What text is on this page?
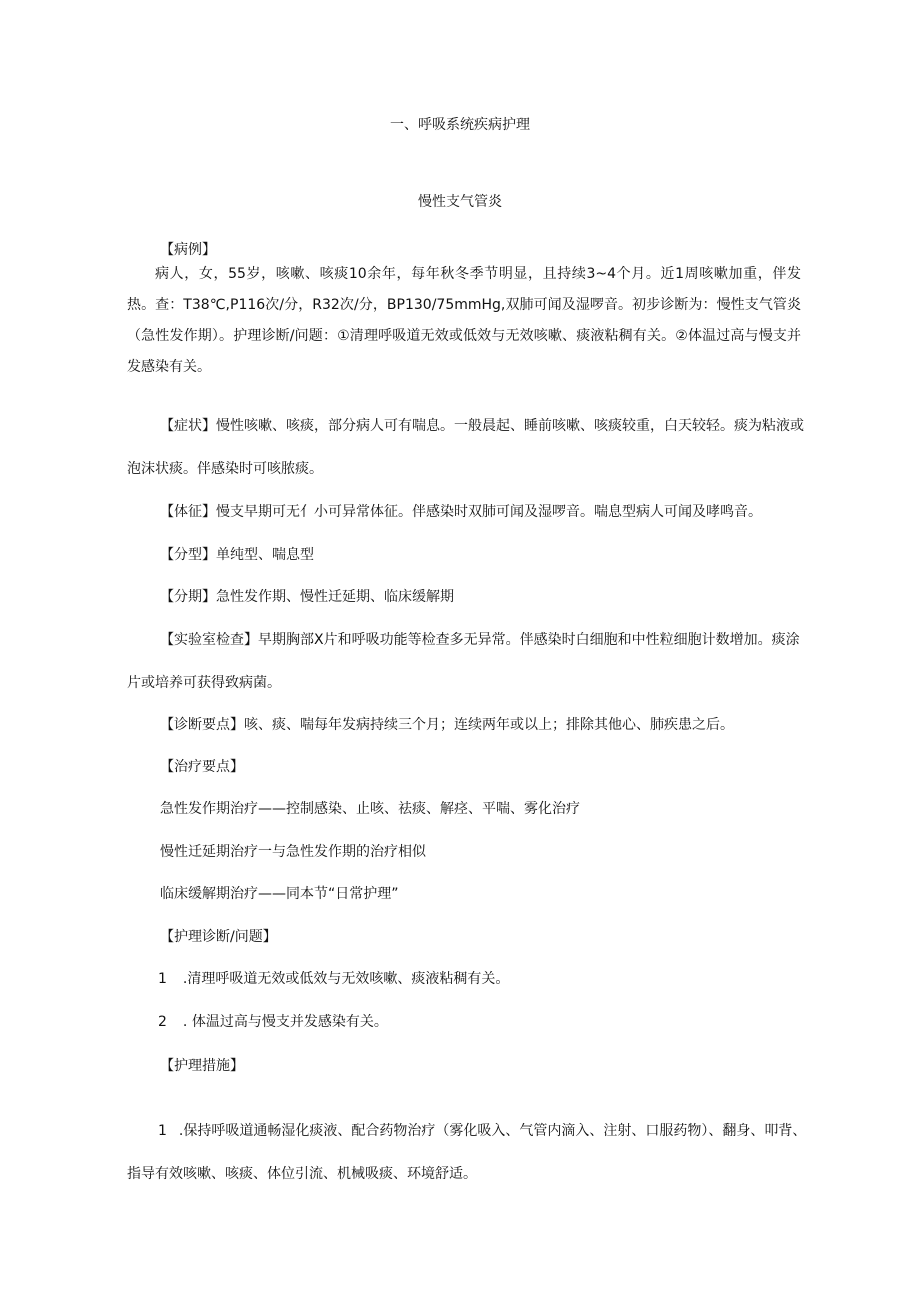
一、呼吸系统疾病护理
慢性支气管炎
【病例】
病人，女，55岁，咳嗽、咳痰10余年，每年秋冬季节明显，且持续3~4个月。近1周咳嗽加重，伴发热。查：T38℃,P116次/分，R32次/分，BP130/75mmHg,双肺可闻及湿啰音。初步诊断为：慢性支气管炎（急性发作期）。护理诊断/问题：①清理呼吸道无效或低效与无效咳嗽、痰液粘稠有关。②体温过高与慢支并发感染有关。
【症状】慢性咳嗽、咳痰，部分病人可有喘息。一般晨起、睡前咳嗽、咳痰较重，白天较轻。痰为粘液或
泡沫状痰。伴感染时可咳脓痰。
【体征】慢支早期可无亻小可异常体征。伴感染时双肺可闻及湿啰音。喘息型病人可闻及哮鸣音。
【分型】单纯型、喘息型
【分期】急性发作期、慢性迁延期、临床缓解期
【实验室检查】早期胸部X片和呼吸功能等检查多无异常。伴感染时白细胞和中性粒细胞计数增加。痰涂
片或培养可获得致病菌。
【诊断要点】咳、痰、喘每年发病持续三个月；连续两年或以上；排除其他心、肺疾患之后。
【治疗要点】
急性发作期治疗——控制感染、止咳、祛痰、解痉、平喘、雾化治疗
慢性迁延期治疗一与急性发作期的治疗相似
临床缓解期治疗——同本节“日常护理”
【护理诊断/问题】
1 .清理呼吸道无效或低效与无效咳嗽、痰液粘稠有关。
2 . 体温过高与慢支并发感染有关。
【护理措施】
1 .保持呼吸道通畅湿化痰液、配合药物治疗（雾化吸入、气管内滴入、注射、口服药物）、翻身、叩背、
指导有效咳嗽、咳痰、体位引流、机械吸痰、环境舒适。
